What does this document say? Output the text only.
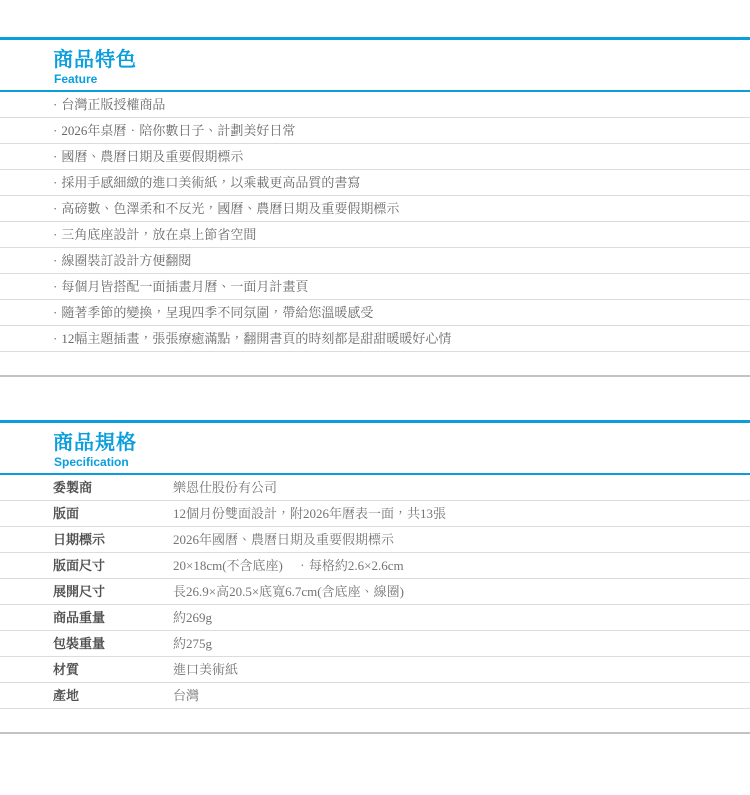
商品特色
Feature
· 台灣正版授權商品
· 2026年桌曆‧陪你數日子、計劃美好日常
· 國曆、農曆日期及重要假期標示
· 採用手感細緻的進口美術紙，以乘載更高品質的書寫
· 高磅數、色澤柔和不反光，國曆、農曆日期及重要假期標示
· 三角底座設計，放在桌上節省空間
· 線圈裝訂設計方便翻閱
· 每個月皆搭配一面插畫月曆、一面月計畫頁
· 隨著季節的變換，呈現四季不同氛圍，帶給您溫暖感受
· 12幅主題插畫，張張療癒滿點，翻開書頁的時刻都是甜甜暖暖好心情
商品規格
Specification
委製商	樂恩仕股份有公司
版面	12個月份雙面設計，附2026年曆表一面，共13張
日期標示	2026年國曆、農曆日期及重要假期標示
版面尺寸	20×18cm(不含底座)　‧每格約2.6×2.6cm
展開尺寸	長26.9×高20.5×底寬6.7cm(含底座、線圈)
商品重量	約269g
包裝重量	約275g
材質	進口美術紙
產地	台灣
